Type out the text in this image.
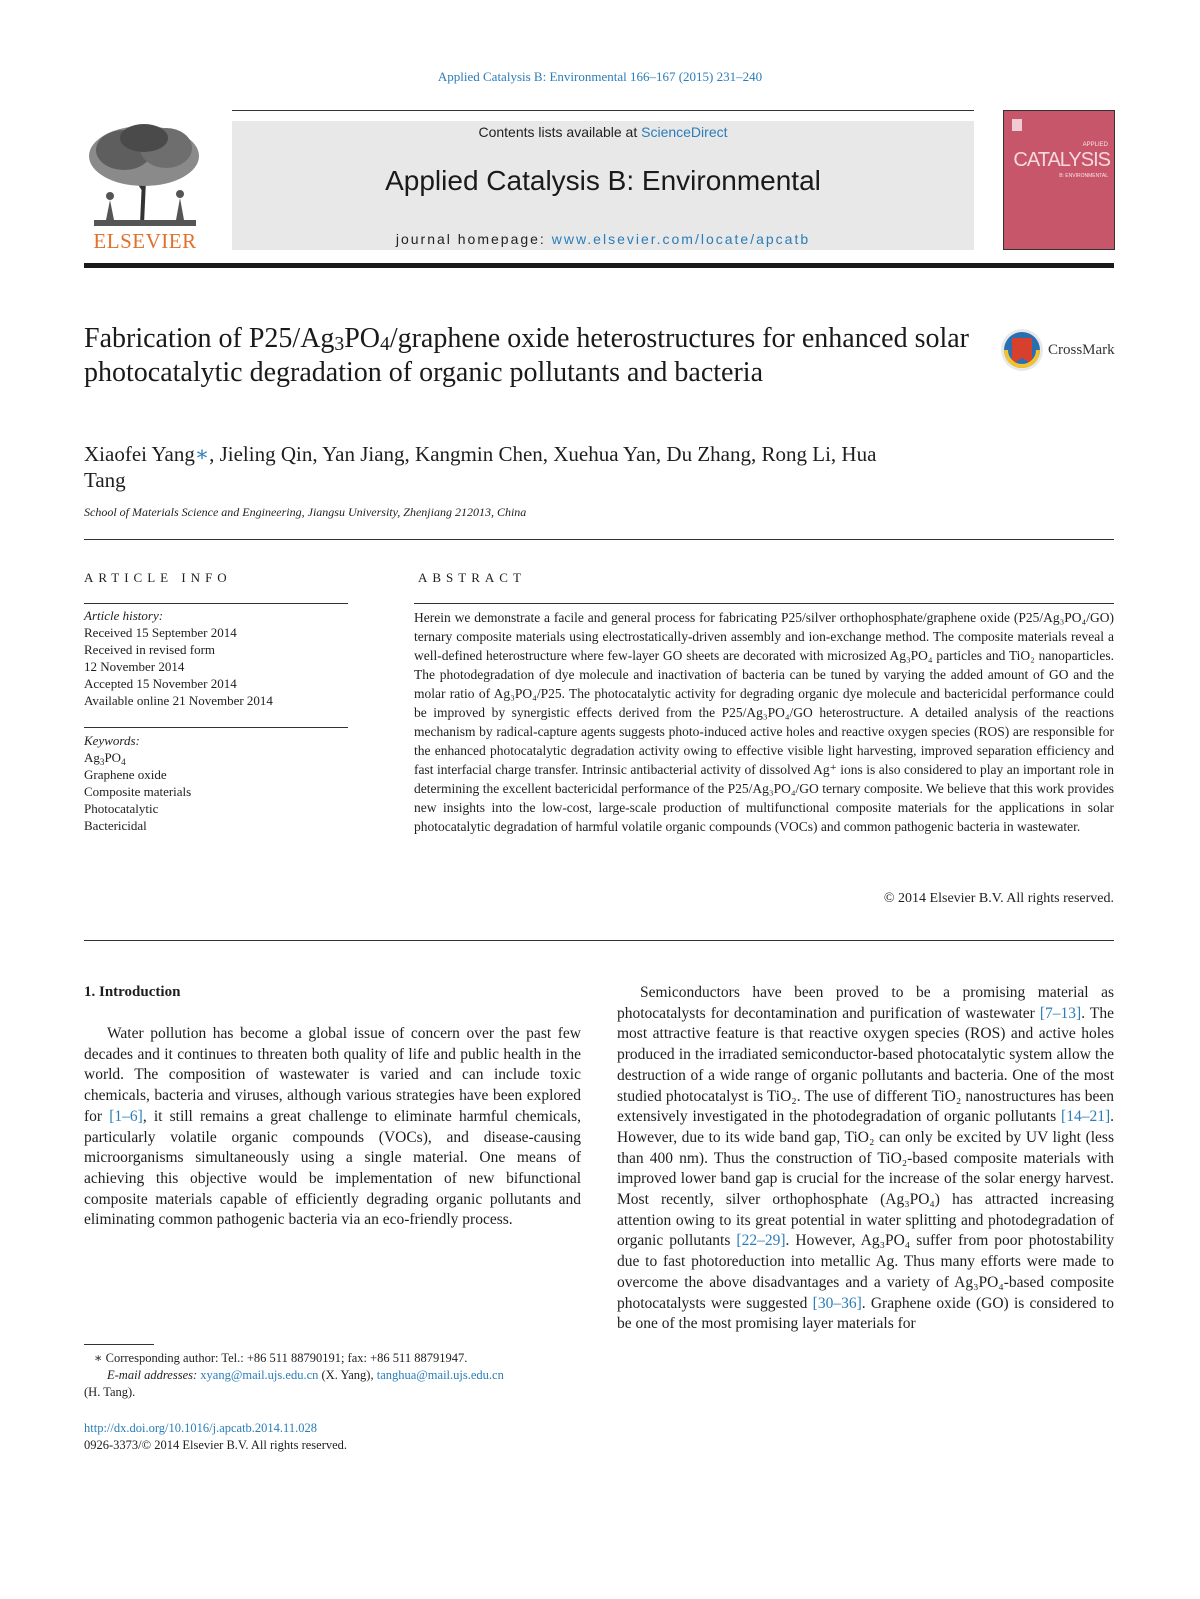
Applied Catalysis B: Environmental 166–167 (2015) 231–240
ELSEVIER
Contents lists available at ScienceDirect
Applied Catalysis B: Environmental
journal homepage: www.elsevier.com/locate/apcatb
APPLIED
CATALYSIS
B: ENVIRONMENTAL
Fabrication of $P25/Ag_3PO_4$/graphene oxide heterostructures for enhanced solar photocatalytic degradation of organic pollutants and bacteria
CrossMark
Xiaofei Yang∗, Jieling Qin, Yan Jiang, Kangmin Chen, Xuehua Yan, Du Zhang, Rong Li, Hua Tang
School of Materials Science and Engineering, Jiangsu University, Zhenjiang 212013, China
ARTICLE INFO	ABSTRACT
Article history:
Received 15 September 2014
Received in revised form
12 November 2014
Accepted 15 November 2014
Available online 21 November 2014
Keywords:
$Ag_3PO_4$
Graphene oxide
Composite materials
Photocatalytic
Bactericidal
Herein we demonstrate a facile and general process for fabricating P25/silver orthophosphate/graphene oxide (P25/Ag₃PO₄/GO) ternary composite materials using electrostatically-driven assembly and ion-exchange method. The composite materials reveal a well-defined heterostructure where few-layer GO sheets are decorated with microsized Ag₃PO₄ particles and TiO₂ nanoparticles. The photodegradation of dye molecule and inactivation of bacteria can be tuned by varying the added amount of GO and the molar ratio of Ag₃PO₄/P25. The photocatalytic activity for degrading organic dye molecule and bactericidal performance could be improved by synergistic effects derived from the P25/Ag₃PO₄/GO heterostructure. A detailed analysis of the reactions mechanism by radical-capture agents suggests photo-induced active holes and reactive oxygen species (ROS) are responsible for the enhanced photocatalytic degradation activity owing to effective visible light harvesting, improved separation efficiency and fast interfacial charge transfer. Intrinsic antibacterial activity of dissolved Ag⁺ ions is also considered to play an important role in determining the excellent bactericidal performance of the P25/Ag₃PO₄/GO ternary composite. We believe that this work provides new insights into the low-cost, large-scale production of multifunctional composite materials for the applications in solar photocatalytic degradation of harmful volatile organic compounds (VOCs) and common pathogenic bacteria in wastewater.
© 2014 Elsevier B.V. All rights reserved.
1. Introduction
Water pollution has become a global issue of concern over the past few decades and it continues to threaten both quality of life and public health in the world. The composition of wastewater is varied and can include toxic chemicals, bacteria and viruses, although various strategies have been explored for [1–6], it still remains a great challenge to eliminate harmful chemicals, particularly volatile organic compounds (VOCs), and disease-causing microorganisms simultaneously using a single material. One means of achieving this objective would be implementation of new bifunctional composite materials capable of efficiently degrading organic pollutants and eliminating common pathogenic bacteria via an eco-friendly process.
Semiconductors have been proved to be a promising material as photocatalysts for decontamination and purification of wastewater [7–13]. The most attractive feature is that reactive oxygen species (ROS) and active holes produced in the irradiated semiconductor-based photocatalytic system allow the destruction of a wide range of organic pollutants and bacteria. One of the most studied photocatalyst is TiO₂. The use of different TiO₂ nanostructures has been extensively investigated in the photodegradation of organic pollutants [14–21]. However, due to its wide band gap, TiO₂ can only be excited by UV light (less than 400 nm). Thus the construction of TiO₂-based composite materials with improved lower band gap is crucial for the increase of the solar energy harvest. Most recently, silver orthophosphate (Ag₃PO₄) has attracted increasing attention owing to its great potential in water splitting and photodegradation of organic pollutants [22–29]. However, Ag₃PO₄ suffer from poor photostability due to fast photoreduction into metallic Ag. Thus many efforts were made to overcome the above disadvantages and a variety of Ag₃PO₄-based composite photocatalysts were suggested [30–36]. Graphene oxide (GO) is considered to be one of the most promising layer materials for
∗ Corresponding author: Tel.: +86 511 88790191; fax: +86 511 88791947.
E-mail addresses: xyang@mail.ujs.edu.cn (X. Yang), tanghua@mail.ujs.edu.cn
(H. Tang).
http://dx.doi.org/10.1016/j.apcatb.2014.11.028
0926-3373/© 2014 Elsevier B.V. All rights reserved.
